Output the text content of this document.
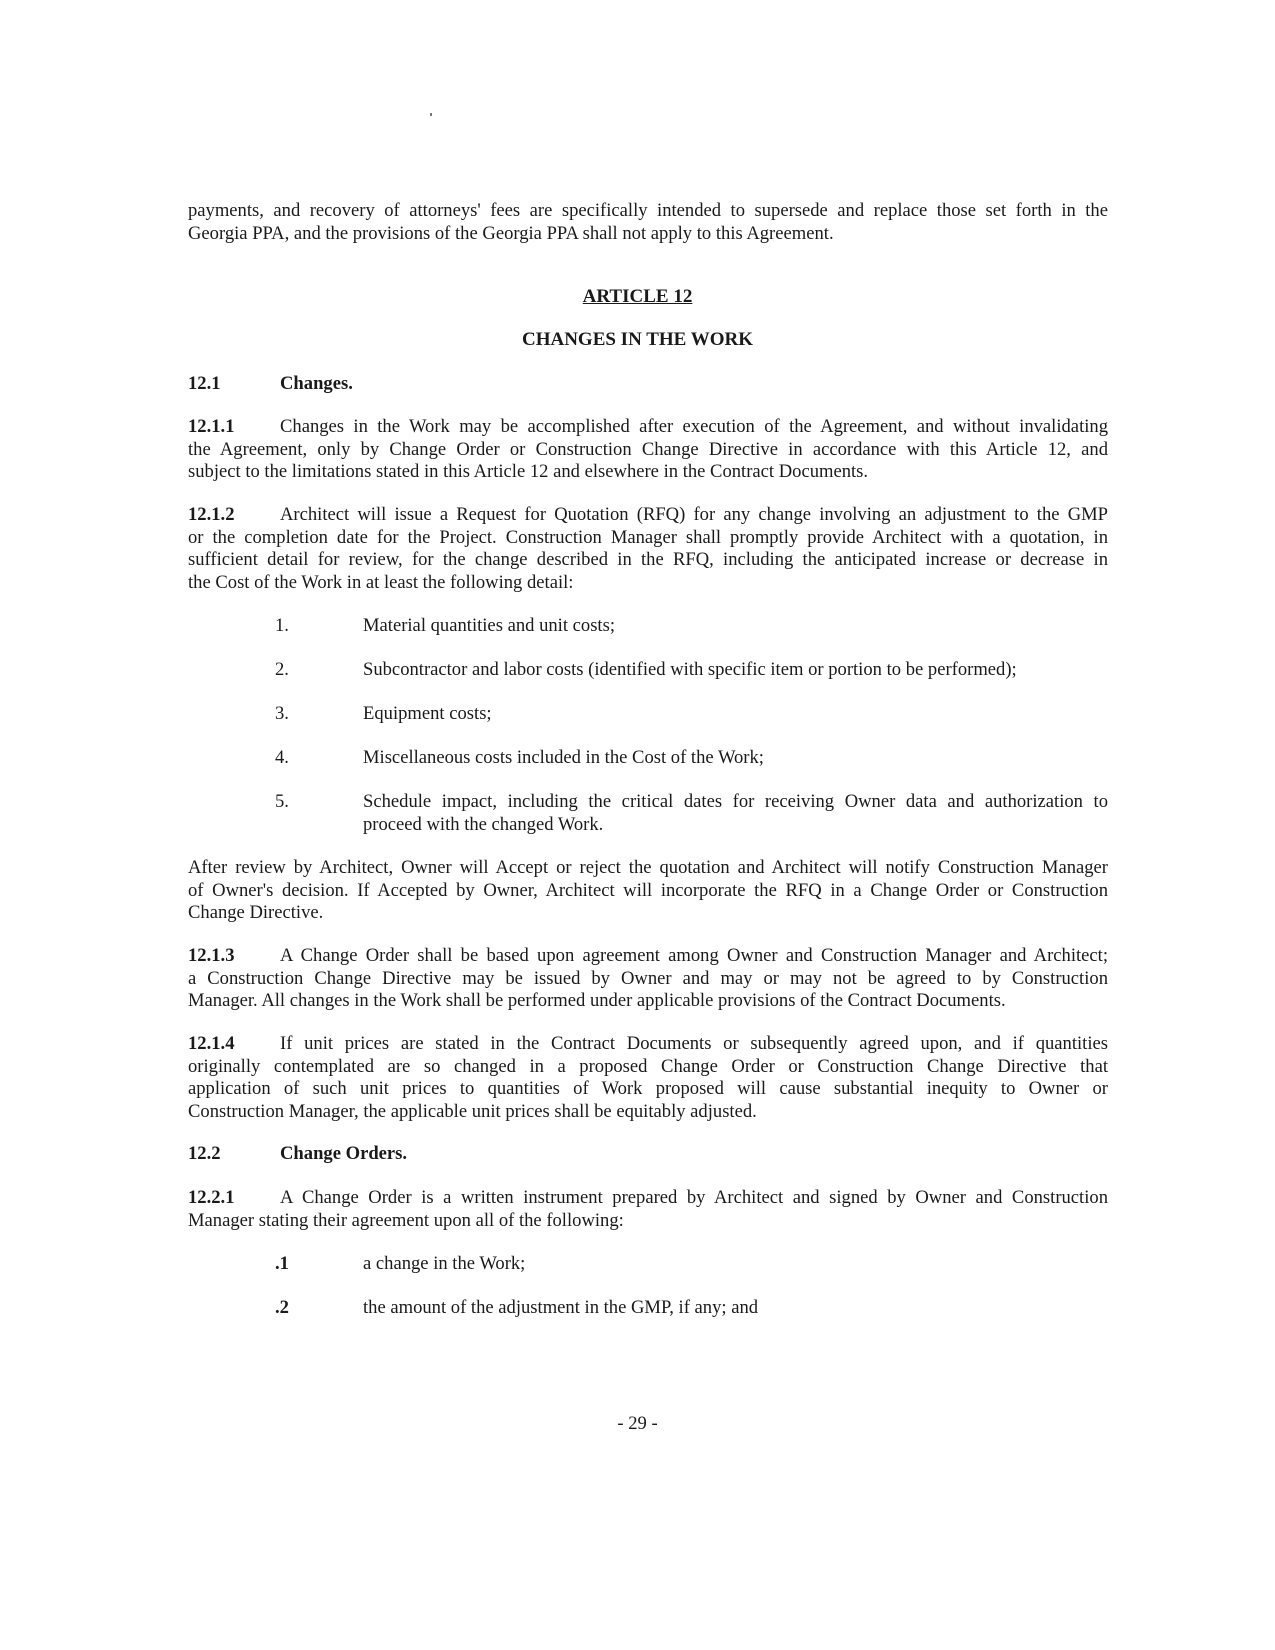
payments, and recovery of attorneys' fees are specifically intended to supersede and replace those set forth in the
Georgia PPA, and the provisions of the Georgia PPA shall not apply to this Agreement.
ARTICLE 12
CHANGES IN THE WORK
12.1	Changes.
12.1.1 Changes in the Work may be accomplished after execution of the Agreement, and without invalidating
the Agreement, only by Change Order or Construction Change Directive in accordance with this Article 12, and
subject to the limitations stated in this Article 12 and elsewhere in the Contract Documents.
12.1.2 Architect will issue a Request for Quotation (RFQ) for any change involving an adjustment to the GMP
or the completion date for the Project. Construction Manager shall promptly provide Architect with a quotation, in
sufficient detail for review, for the change described in the RFQ, including the anticipated increase or decrease in
the Cost of the Work in at least the following detail:
1.	Material quantities and unit costs;
2.	Subcontractor and labor costs (identified with specific item or portion to be performed);
3.	Equipment costs;
4.	Miscellaneous costs included in the Cost of the Work;
5.	Schedule impact, including the critical dates for receiving Owner data and authorization to
proceed with the changed Work.
After review by Architect, Owner will Accept or reject the quotation and Architect will notify Construction Manager
of Owner's decision. If Accepted by Owner, Architect will incorporate the RFQ in a Change Order or Construction
Change Directive.
12.1.3 A Change Order shall be based upon agreement among Owner and Construction Manager and Architect;
a Construction Change Directive may be issued by Owner and may or may not be agreed to by Construction
Manager. All changes in the Work shall be performed under applicable provisions of the Contract Documents.
12.1.4 If unit prices are stated in the Contract Documents or subsequently agreed upon, and if quantities
originally contemplated are so changed in a proposed Change Order or Construction Change Directive that
application of such unit prices to quantities of Work proposed will cause substantial inequity to Owner or
Construction Manager, the applicable unit prices shall be equitably adjusted.
12.2	Change Orders.
12.2.1 A Change Order is a written instrument prepared by Architect and signed by Owner and Construction
Manager stating their agreement upon all of the following:
.1	a change in the Work;
.2	the amount of the adjustment in the GMP, if any; and
- 29 -
